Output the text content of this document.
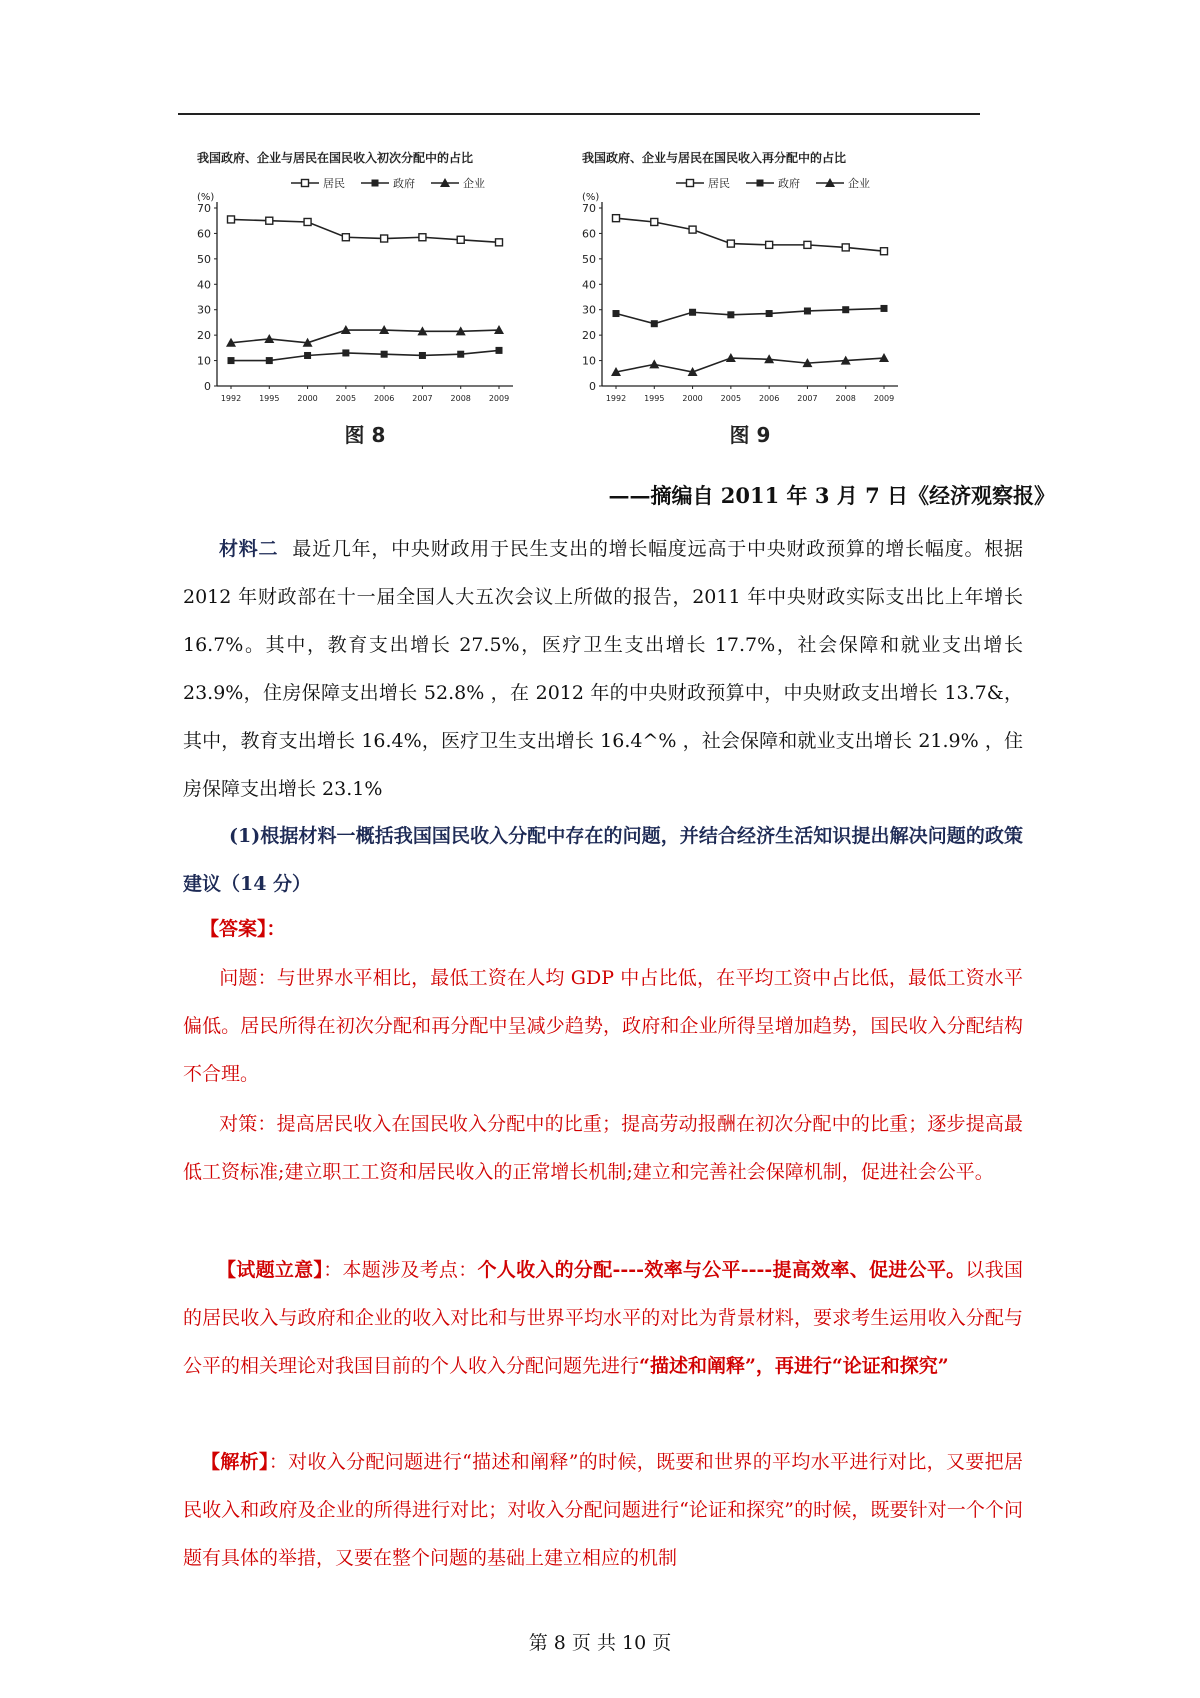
我国政府、企业与居民在国民收入初次分配中的占比
(%)
0
10
20
30
40
50
60
70
1992 1995 2000 2005 2006 2007 2008 2009
居民	政府	企业
图 8
我国政府、企业与居民在国民收入再分配中的占比
(%)
0
10
20
30
40
50
60
70
1992 1995 2000 2005 2006 2007 2008 2009
居民	政府	企业
图 9
——摘编自 2011 年 3 月 7 日《经济观察报》
材料二 最近几年，中央财政用于民生支出的增长幅度远高于中央财政预算的增长幅度。根据 2012 年财政部在十一届全国人大五次会议上所做的报告，2011 年中央财政实际支出比上年增长 16.7%。其中，教育支出增长 27.5%，医疗卫生支出增长 17.7%，社会保障和就业支出增长 23.9%，住房保障支出增长 52.8% ，在 2012 年的中央财政预算中，中央财政支出增长 13.7&，其中，教育支出增长 16.4%，医疗卫生支出增长 16.4^% ，社会保障和就业支出增长 21.9% ，住房保障支出增长 23.1%
(1)根据材料一概括我国国民收入分配中存在的问题，并结合经济生活知识提出解决问题的政策建议（14 分）
【答案】：
问题：与世界水平相比，最低工资在人均 GDP 中占比低，在平均工资中占比低，最低工资水平偏低。居民所得在初次分配和再分配中呈减少趋势，政府和企业所得呈增加趋势，国民收入分配结构不合理。
对策：提高居民收入在国民收入分配中的比重；提高劳动报酬在初次分配中的比重；逐步提高最低工资标准;建立职工工资和居民收入的正常增长机制;建立和完善社会保障机制，促进社会公平。
【试题立意】：本题涉及考点：个人收入的分配----效率与公平----提高效率、促进公平。以我国的居民收入与政府和企业的收入对比和与世界平均水平的对比为背景材料，要求考生运用收入分配与公平的相关理论对我国目前的个人收入分配问题先进行“描述和阐释”，再进行“论证和探究”
【解析】：对收入分配问题进行“描述和阐释”的时候，既要和世界的平均水平进行对比，又要把居民收入和政府及企业的所得进行对比；对收入分配问题进行“论证和探究”的时候，既要针对一个个问题有具体的举措，又要在整个问题的基础上建立相应的机制
第 8 页 共 10 页
